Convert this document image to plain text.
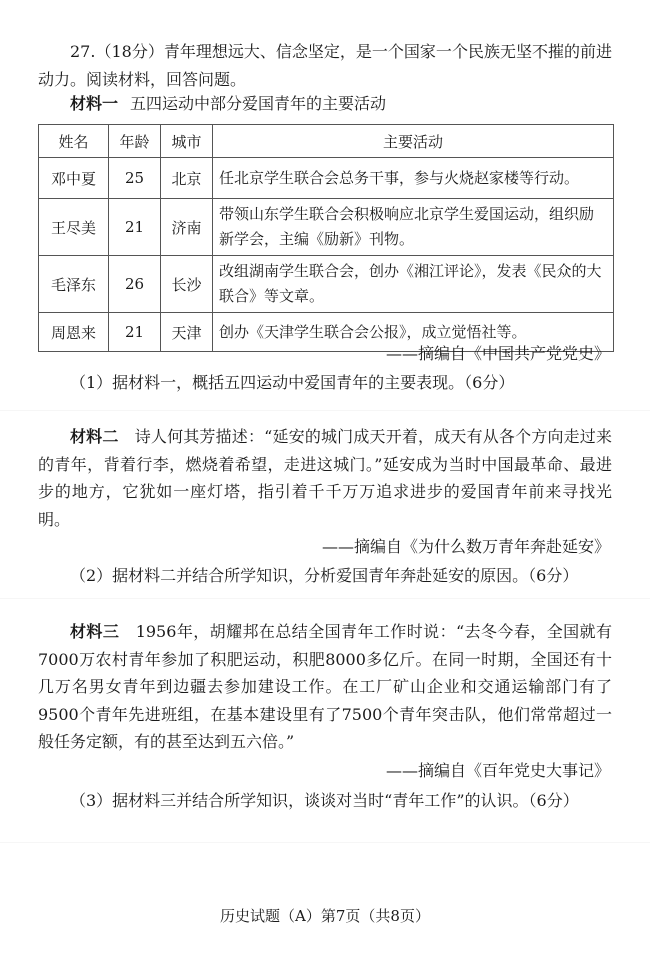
27.（18分）青年理想远大、信念坚定，是一个国家一个民族无坚不摧的前进动力。阅读材料，回答问题。
材料一 五四运动中部分爱国青年的主要活动
姓名	年龄	城市	主要活动
邓中夏	25	北京	任北京学生联合会总务干事，参与火烧赵家楼等行动。
王尽美	21	济南	带领山东学生联合会积极响应北京学生爱国运动，组织励新学会，主编《励新》刊物。
毛泽东	26	长沙	改组湖南学生联合会，创办《湘江评论》，发表《民众的大联合》等文章。
周恩来	21	天津	创办《天津学生联合会公报》，成立觉悟社等。
——摘编自《中国共产党党史》
（1）据材料一，概括五四运动中爱国青年的主要表现。（6分）
材料二　 诗人何其芳描述：“延安的城门成天开着，成天有从各个方向走过来的青年，背着行李，燃烧着希望，走进这城门。”延安成为当时中国最革命、最进步的地方，它犹如一座灯塔，指引着千千万万追求进步的爱国青年前来寻找光明。
——摘编自《为什么数万青年奔赴延安》
（2）据材料二并结合所学知识，分析爱国青年奔赴延安的原因。（6分）
材料三　 1956年，胡耀邦在总结全国青年工作时说：“去冬今春，全国就有7000万农村青年参加了积肥运动，积肥8000多亿斤。在同一时期，全国还有十几万名男女青年到边疆去参加建设工作。在工厂矿山企业和交通运输部门有了9500个青年先进班组，在基本建设里有了7500个青年突击队，他们常常超过一般任务定额，有的甚至达到五六倍。”
——摘编自《百年党史大事记》
（3）据材料三并结合所学知识，谈谈对当时“青年工作”的认识。（6分）
历史试题（A）第7页（共8页）
